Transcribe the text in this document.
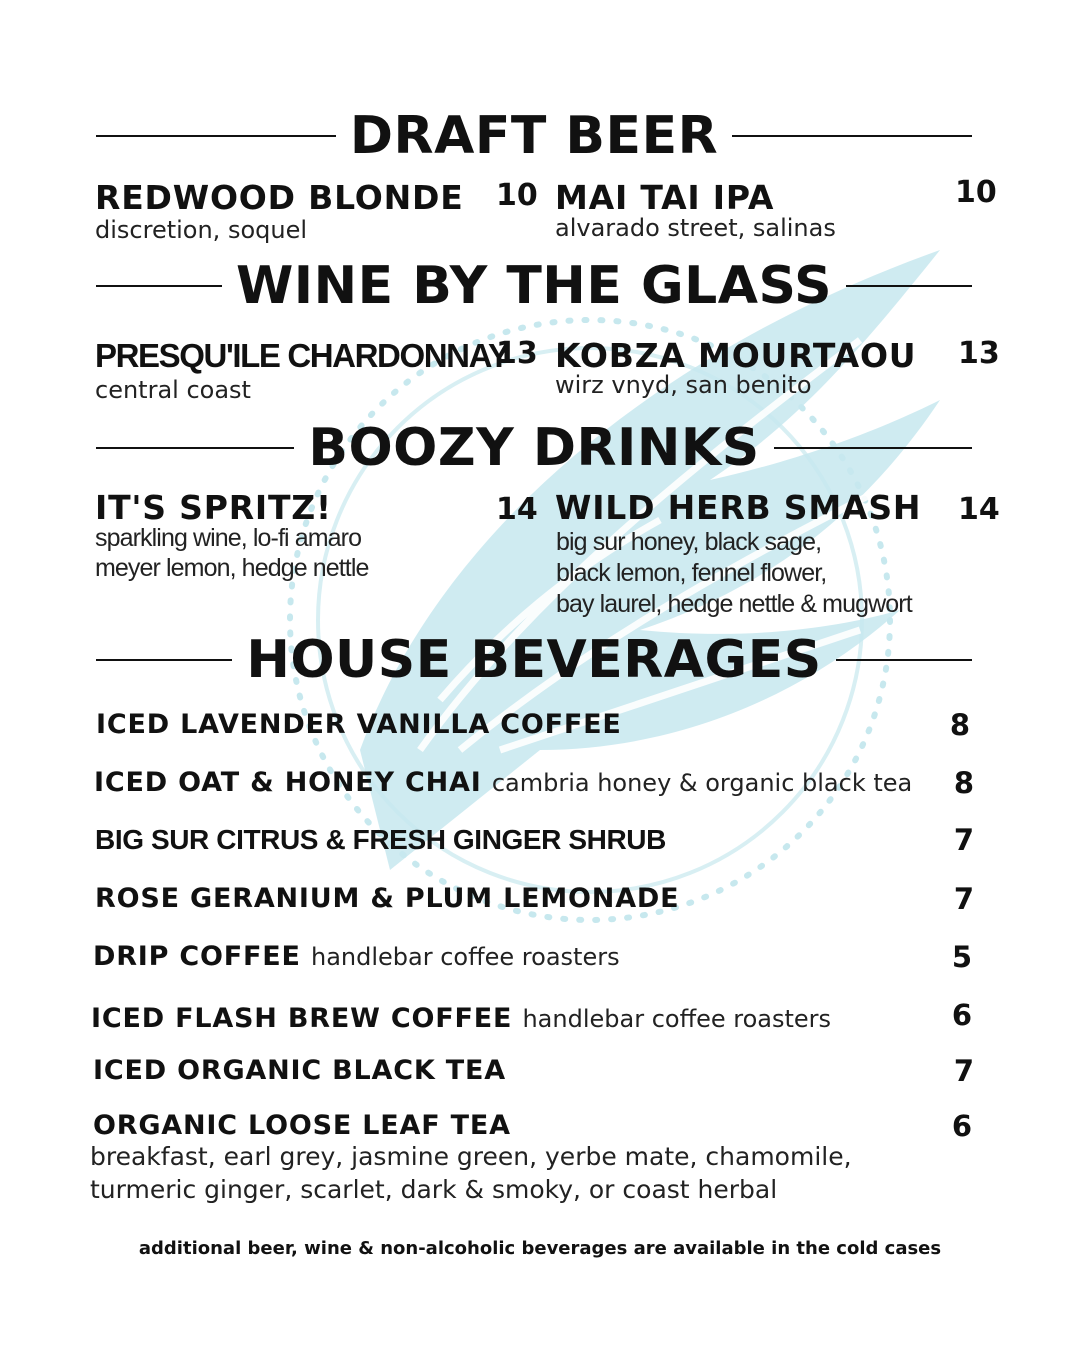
DRAFT BEER
REDWOOD BLONDE 10
discretion, soquel
MAI TAI IPA	10
alvarado street, salinas
WINE BY THE GLASS
PRESQU'ILE CHARDONNAY
13
central coast
KOBZA MOURTAOU 13
wirz vnyd, san benito
BOOZY DRINKS
IT'S SPRITZ!	14
sparkling wine, lo-fi amaro
meyer lemon, hedge nettle
WILD HERB SMASH 14
big sur honey, black sage,
black lemon, fennel flower,
bay laurel, hedge nettle & mugwort
HOUSE BEVERAGES
ICED LAVENDER VANILLA COFFEE	8
ICED OAT & HONEY CHAI cambria honey & organic black tea	8
BIG SUR CITRUS & FRESH GINGER SHRUB	7
ROSE GERANIUM & PLUM LEMONADE	7
DRIP COFFEE handlebar coffee roasters	5
ICED FLASH BREW COFFEE handlebar coffee roasters	6
ICED ORGANIC BLACK TEA	7
ORGANIC LOOSE LEAF TEA	6
breakfast, earl grey, jasmine green, yerbe mate, chamomile,
turmeric ginger, scarlet, dark & smoky, or coast herbal
additional beer, wine & non-alcoholic beverages are available in the cold cases
